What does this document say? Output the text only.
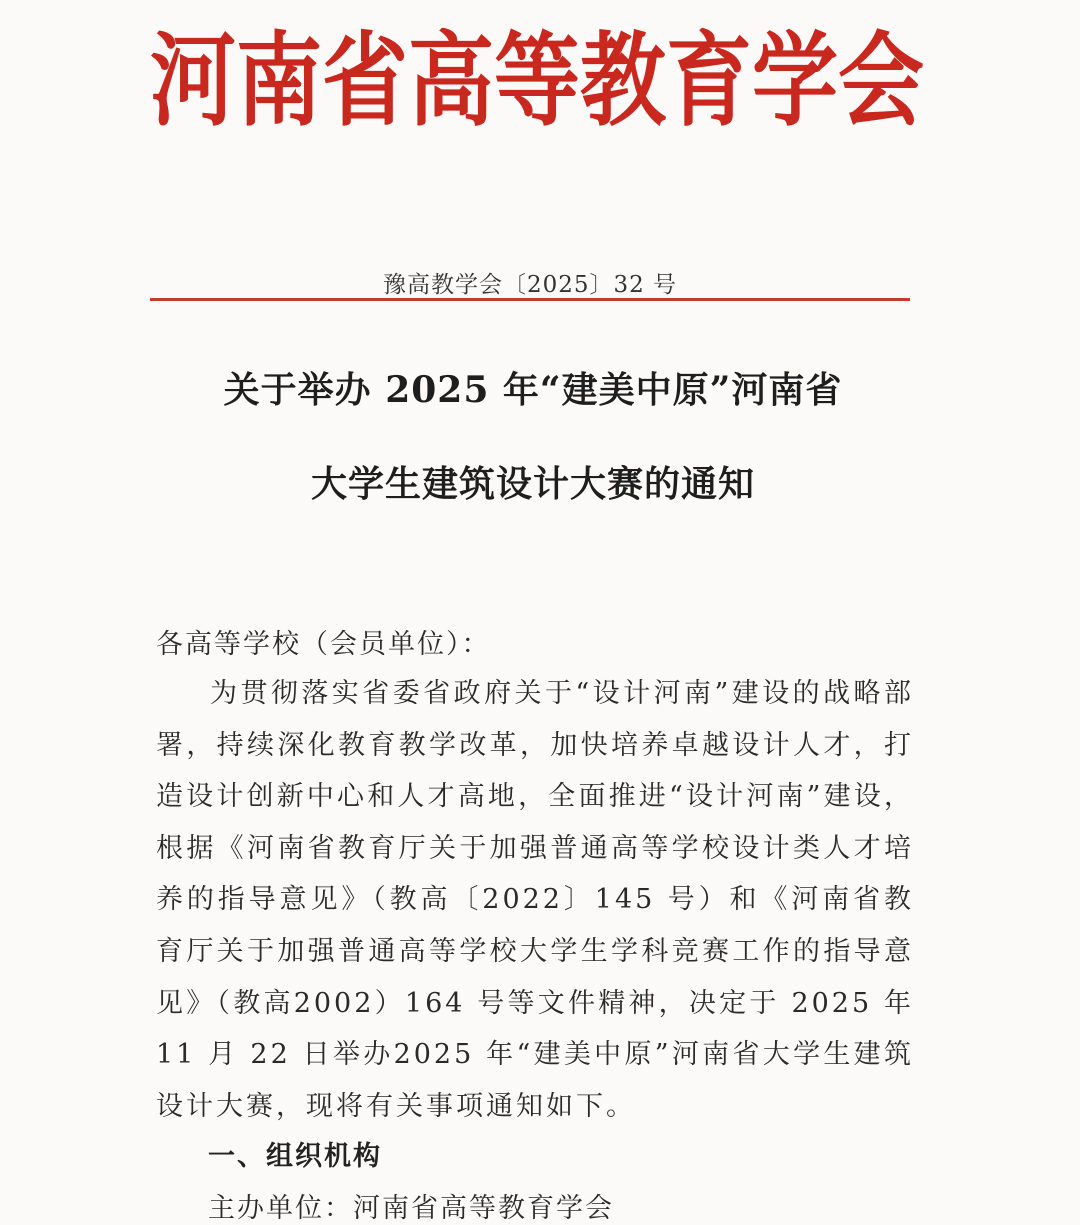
河 南 省 高 等 教 育 学 会
豫高教学会〔2025〕32 号
关于举办 2025 年“建美中原”河南省
大学生建筑设计大赛的通知
各高等学校（会员单位）：
为贯彻落实省委省政府关于“设计河南”建设的战略部署，持续深化教育教学改革，加快培养卓越设计人才，打造设计创新中心和人才高地，全面推进“设计河南”建设，根据《河南省教育厅关于加强普通高等学校设计类人才培养的指导意见》（教高〔2022〕145 号）和《河南省教育厅关于加强普通高等学校大学生学科竞赛工作的指导意见》（教高2002）164 号等文件精神，决定于 2025 年 11 月 22 日举办2025 年“建美中原”河南省大学生建筑设计大赛，现将有关事项通知如下。
一、组织机构
主办单位：河南省高等教育学会
